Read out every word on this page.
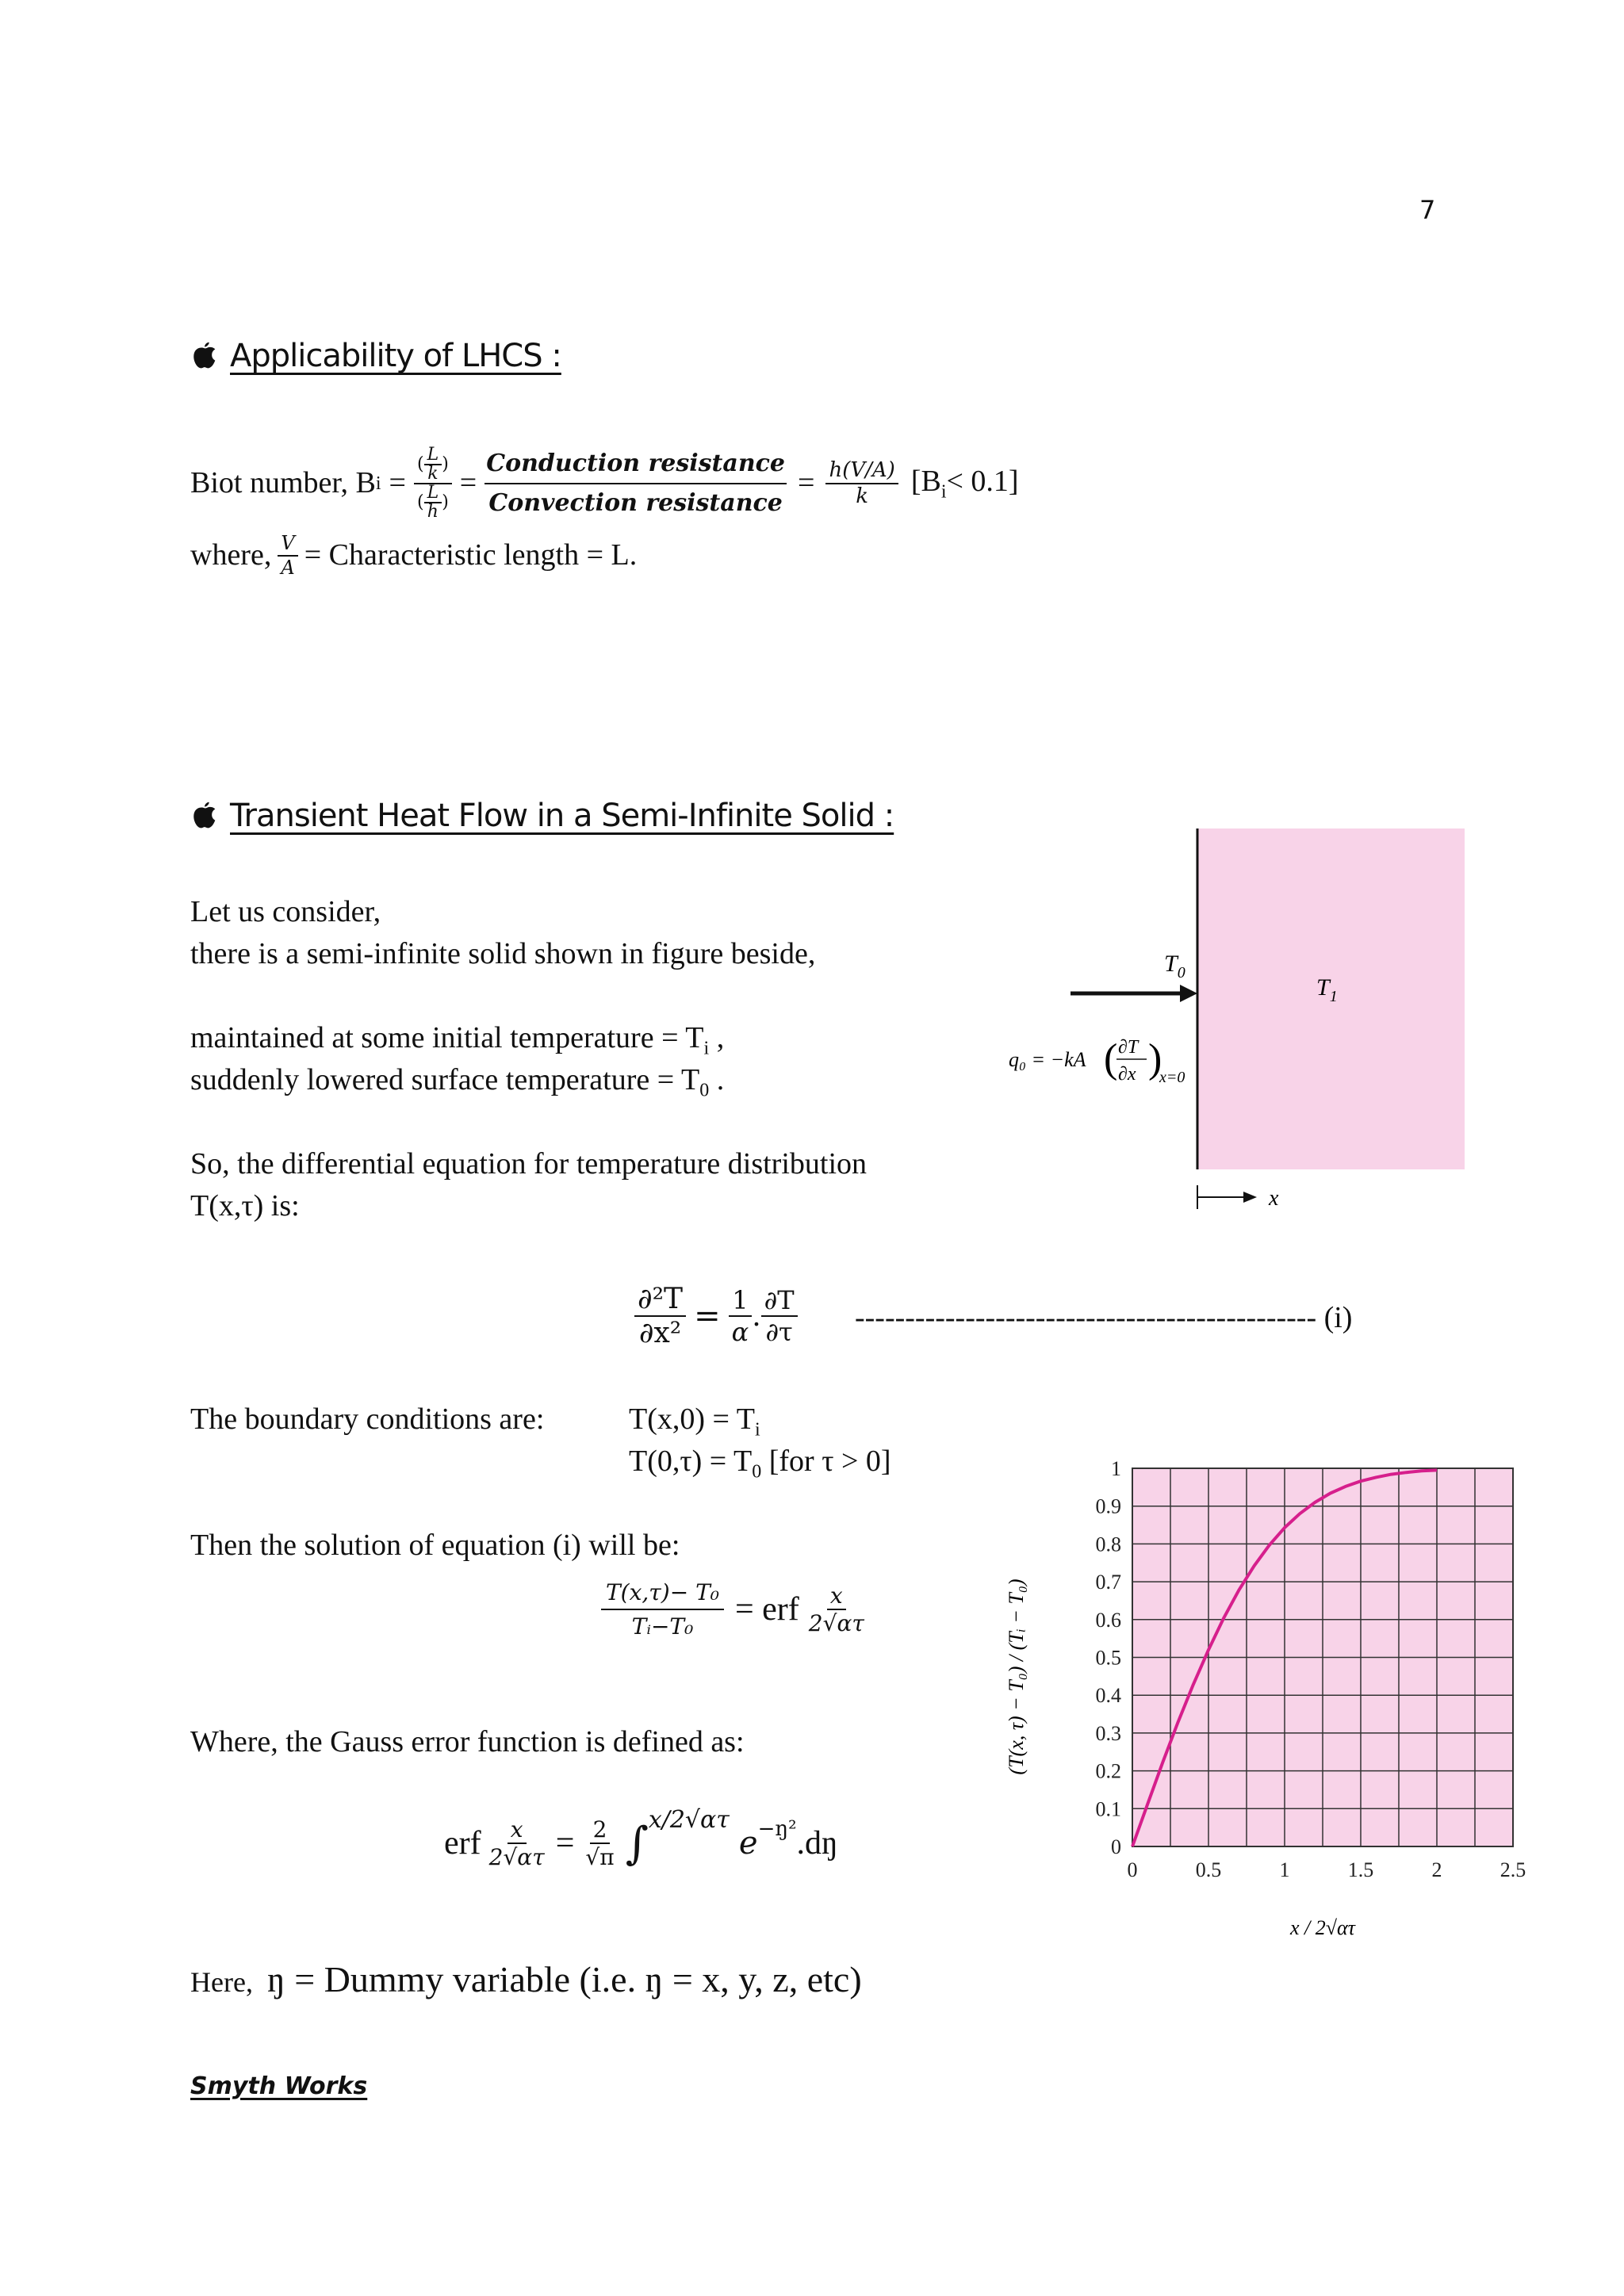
7
Applicability of LHCS :
Biot number, B $i = \frac{( \frac{L}{k} )}{( \frac{L}{h} )} = \frac{\text{Conduction resistance}}{\text{Convection resistance}} = \frac{h(V/A)}{k} [B_i< 0.1]$
where, $\frac{V}{A}$ = Characteristic length = L.
Transient Heat Flow in a Semi-Infinite Solid :
Let us consider,
there is a semi-infinite solid shown in figure beside,
maintained at some initial temperature = $T_i$ ,
suddenly lowered surface temperature = $T_0$ .
So, the differential equation for temperature distribution
T(x,τ) is:
$\frac{\text{∂²T}}{\text{∂x²}} = \frac{1}{\alpha}$ . $\frac{\partial T}{\partial\tau}$ ---------------------------------------------- (i)
The boundary conditions are:	$T(x,0) = T_i$
$T(0,\tau) = T_0$ [for τ > 0]
Then the solution of equation (i) will be:
$\frac{\text{T(x,τ)− T₀}}{\text{Tᵢ−T₀}}$ = erf $\frac{x}{2√\alpha\tau}$
Where, the Gauss error function is defined as:
erf $\frac{x}{2√\alpha\tau} = \frac{2}{√\pi}$ ∫ x/2√ατ
e −ŋ² .dŋ
Here, ŋ = Dummy variable (i.e. ŋ = x, y, z, etc)
Smyth Works
$T_0$
$T_1$
q₀ = −kA ( ∂T
∂x )
x=0
x
0
0.1
0.2
0.3
0.4
0.5
0.6
0.7
0.8
0.9
1
0	0.5	1	1.5	2	2.5
(T(x, τ) − T₀) / (Tᵢ − T₀)
x / 2√ατ
